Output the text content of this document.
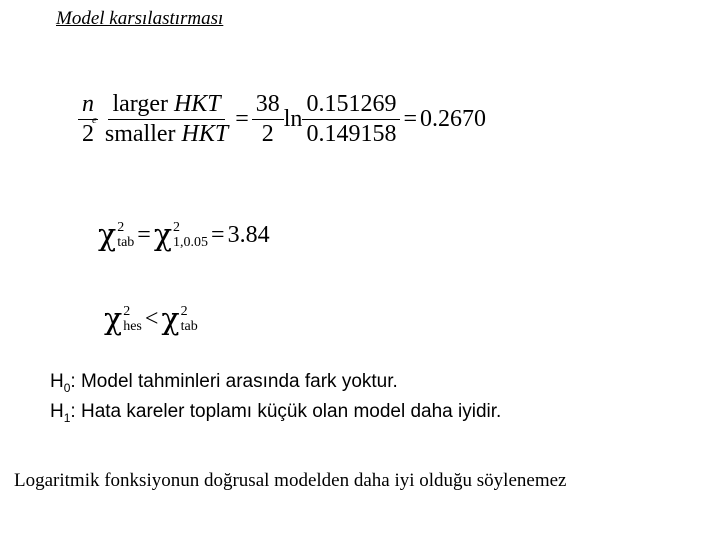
Model karsılastırması
$\frac{n}{2}$
e $\frac{\text{larger HKT}}{\text{smaller HKT}} = \frac{38}{2}$ $\ln \frac{0.151269}{0.149158} = 0.2670$
χ 2
tab = χ 2
1,0.05 = 3.84
χ 2
hes < χ 2
tab
$H_0$: Model tahminleri arasında fark yoktur.
$H_1$: Hata kareler toplamı küçük olan model daha iyidir.
Logaritmik fonksiyonun doğrusal modelden daha iyi olduğu söylenemez
